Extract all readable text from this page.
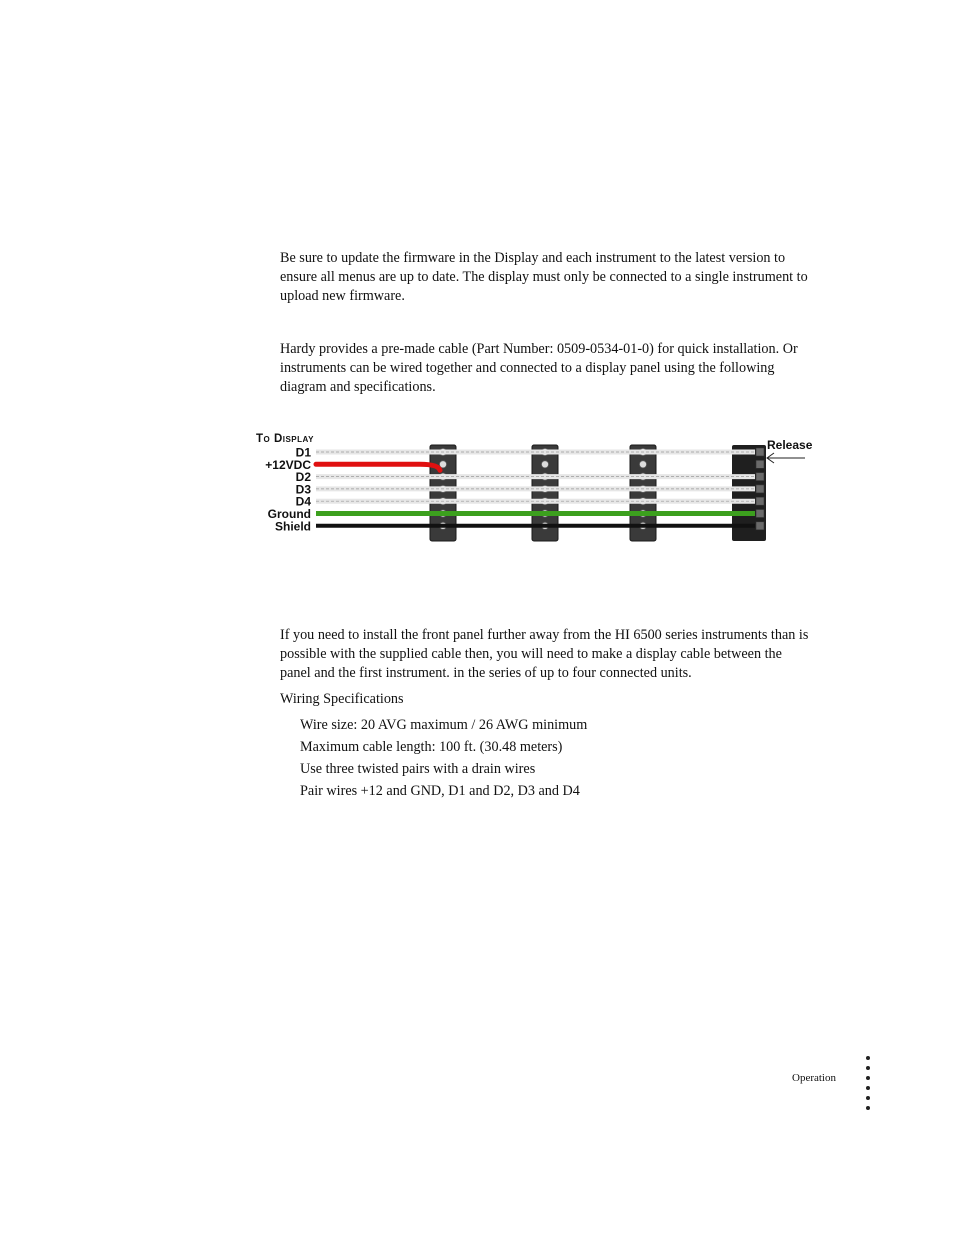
Be sure to update the firmware in the Display and each instrument to the latest version to ensure all menus are up to date. The display must only be connected to a single instrument to upload new firmware.

Hardy provides a pre-made cable (Part Number: 0509-0534-01-0) for quick installation. Or instruments can be wired together and connected to a display panel using the following diagram and specifications.

To Display	Release
D1
+12VDC
D2
D3
D4
Ground
Shield

If you need to install the front panel further away from the HI 6500 series instruments than is possible with the supplied cable then, you will need to make a display cable between the panel and the first instrument. in the series of up to four connected units.

Wiring Specifications

Wire size: 20 AVG maximum / 26 AWG minimum
Maximum cable length: 100 ft. (30.48 meters)
Use three twisted pairs with a drain wires
Pair wires +12 and GND, D1 and D2, D3 and D4
Operation
